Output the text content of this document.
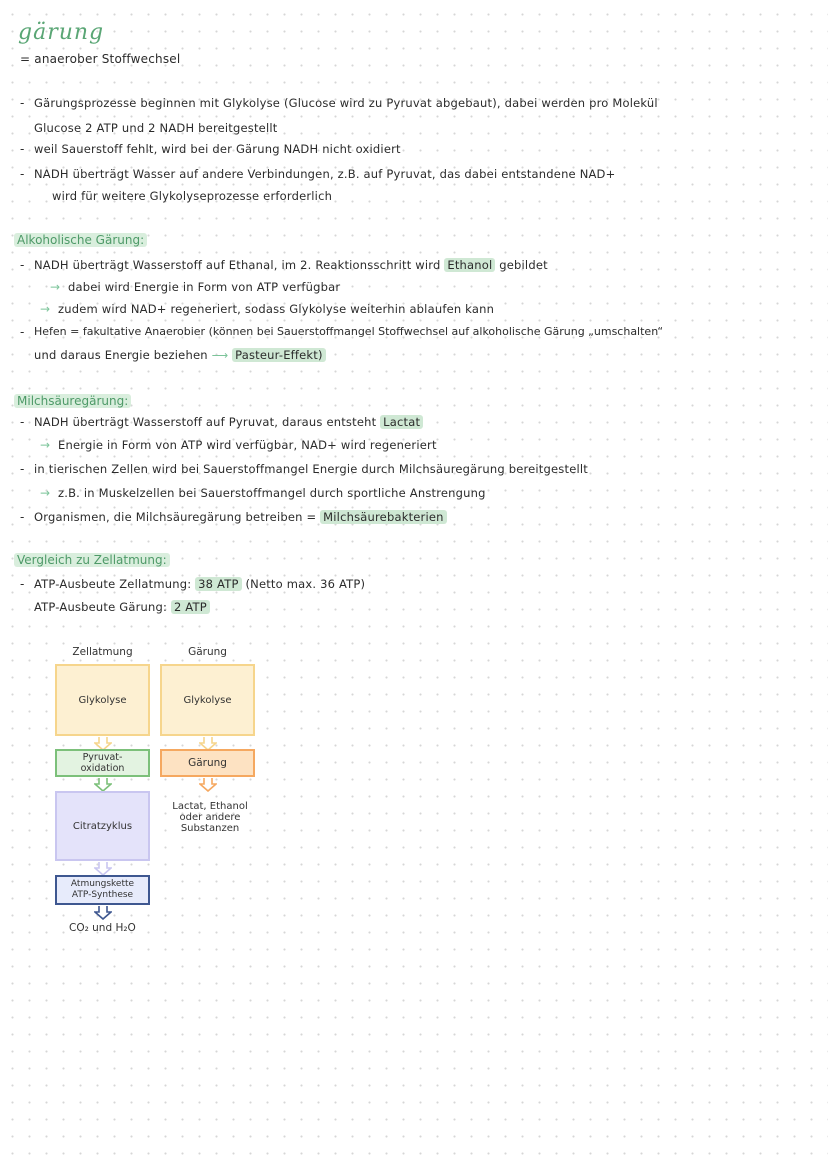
gärung
= anaerober Stoffwechsel
- Gärungsprozesse beginnen mit Glykolyse (Glucose wird zu Pyruvat abgebaut), dabei werden pro Molekül
Glucose 2 ATP und 2 NADH bereitgestellt
- weil Sauerstoff fehlt, wird bei der Gärung NADH nicht oxidiert
- NADH überträgt Wasser auf andere Verbindungen, z.B. auf Pyruvat, das dabei entstandene NAD+
wird für weitere Glykolyseprozesse erforderlich
Alkoholische Gärung:
- NADH überträgt Wasserstoff auf Ethanal, im 2. Reaktionsschritt wird Ethanol gebildet
→ dabei wird Energie in Form von ATP verfügbar
→ zudem wird NAD+ regeneriert, sodass Glykolyse weiterhin ablaufen kann
- Hefen = fakultative Anaerobier (können bei Sauerstoffmangel Stoffwechsel auf alkoholische Gärung „umschalten“
und daraus Energie beziehen ⟶ Pasteur-Effekt)
Milchsäuregärung:
- NADH überträgt Wasserstoff auf Pyruvat, daraus entsteht Lactat
→ Energie in Form von ATP wird verfügbar, NAD+ wird regeneriert
- in tierischen Zellen wird bei Sauerstoffmangel Energie durch Milchsäuregärung bereitgestellt
→ z.B. in Muskelzellen bei Sauerstoffmangel durch sportliche Anstrengung
- Organismen, die Milchsäuregärung betreiben = Milchsäurebakterien
Vergleich zu Zellatmung:
- ATP-Ausbeute Zellatmung: 38 ATP (Netto max. 36 ATP)
ATP-Ausbeute Gärung: 2 ATP
Zellatmung	Gärung
Glykolyse	Glykolyse
Pyruvat-
oxidation	Gärung
Citratzyklus
Lactat, Ethanol
oder andere
Substanzen
Atmungskette
ATP-Synthese
CO₂ und H₂O
